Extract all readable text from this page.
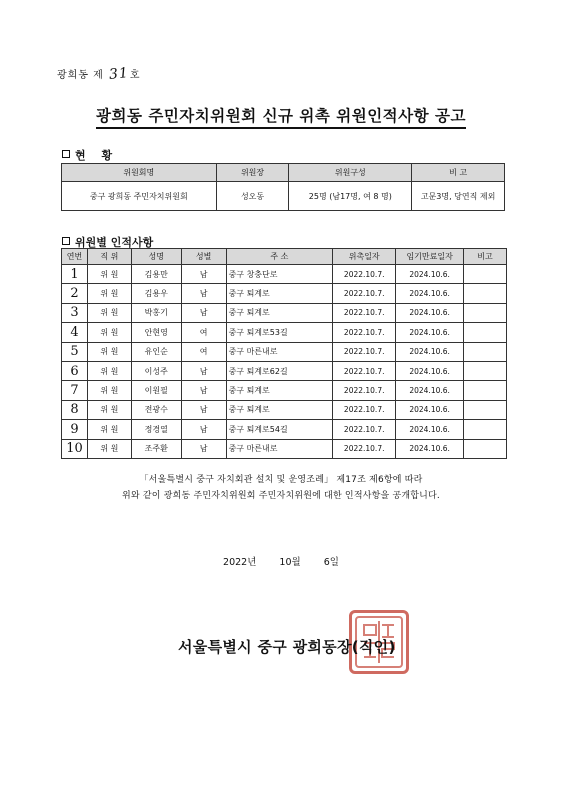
광희동 제 31호
광희동 주민자치위원회 신규 위촉 위원인적사항 공고
현 황
위원회명	위원장	위원구성	비 고
중구 광희동 주민자치위원회	성오동	25명 (남17명, 여 8 명)	고문3명, 당연직 제외
위원별 인적사항
연번	직 위	성명	성별	주 소	위촉일자	임기만료일자	비고
1	위 원	김용만	남	중구 창충단로	2022.10.7.	2024.10.6.	
2	위 원	김용우	남	중구 퇴계로	2022.10.7.	2024.10.6.	
3	위 원	박홍기	남	중구 퇴계로	2022.10.7.	2024.10.6.	
4	위 원	안현영	여	중구 퇴계로53길	2022.10.7.	2024.10.6.	
5	위 원	유인순	여	중구 마른내로	2022.10.7.	2024.10.6.	
6	위 원	이성주	남	중구 퇴계로62길	2022.10.7.	2024.10.6.	
7	위 원	이원필	남	중구 퇴계로	2022.10.7.	2024.10.6.	
8	위 원	전광수	남	중구 퇴계로	2022.10.7.	2024.10.6.	
9	위 원	정경열	남	중구 퇴계로54길	2022.10.7.	2024.10.6.	
10	위 원	조주환	남	중구 마른내로	2022.10.7.	2024.10.6.	
「서울특별시 중구 자치회관 설치 및 운영조례」 제17조 제6항에 따라
위와 같이 광희동 주민자치위원회 주민자치위원에 대한 인적사항을 공개합니다.
2022년 10월 6일
서울특별시 중구 광희동장(직인)
